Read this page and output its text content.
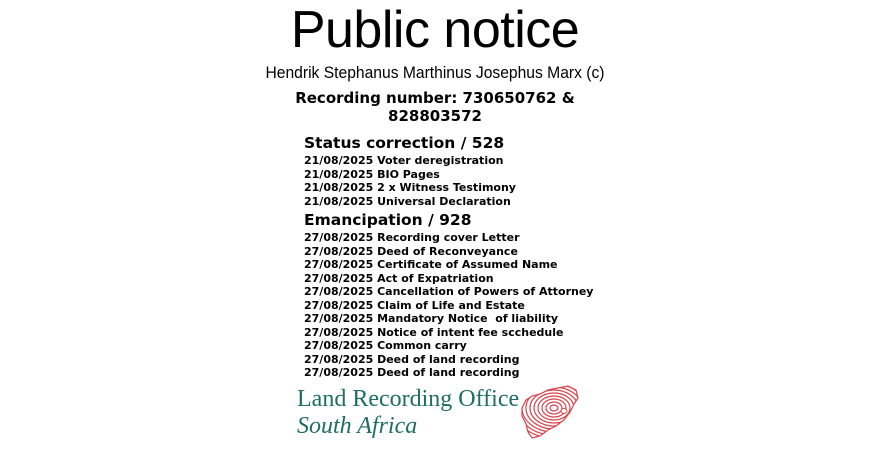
Public notice
Hendrik Stephanus Marthinus Josephus Marx (c)
Recording number: 730650762 &
828803572
Status correction / 528
21/08/2025 Voter deregistration
21/08/2025 BIO Pages
21/08/2025 2 x Witness Testimony
21/08/2025 Universal Declaration
Emancipation / 928
27/08/2025 Recording cover Letter
27/08/2025 Deed of Reconveyance
27/08/2025 Certificate of Assumed Name
27/08/2025 Act of Expatriation
27/08/2025 Cancellation of Powers of Attorney
27/08/2025 Claim of Life and Estate
27/08/2025 Mandatory Notice  of liability
27/08/2025 Notice of intent fee scchedule
27/08/2025 Common carry
27/08/2025 Deed of land recording
27/08/2025 Deed of land recording
Land Recording Office
South Africa
